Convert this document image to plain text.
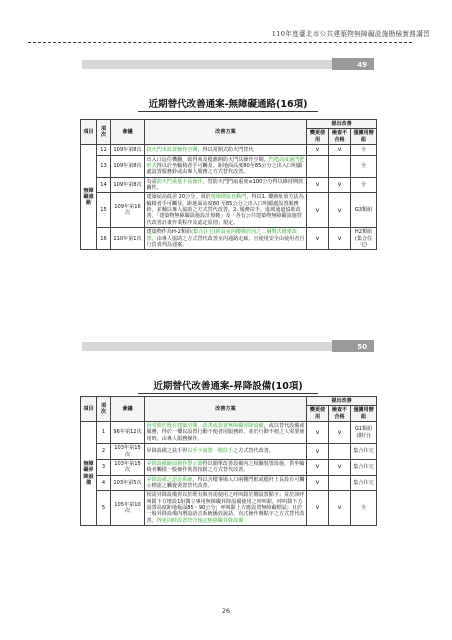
110年度臺北市公共建築物無障礙設施勘檢實務講習
49
近期替代改善通案-無障礙通路(16項)
項目	項次	會議	改善方案	提出改善		
				變更使用	檢查不合格	僅擴用辦組
無障礙通路	12	109年第8次	防火門未設置操作空間，得以常開式防火門替代	v	v	全
	13	109年第8次	出入口這住機翻，致得來及檯應開防火門其操作空間，門把高度過門把形式得以於坐輪椅者手可觸及、距地面高度80至85公分之出入口明顯處設置服務鈴或由專人服務之方式替代改善。			全
	14	109年第8次	有需防火門重量不易操作，替防火門門扇重度≤100公分得以維持開放關性。	v	v	全
	15	109年第16次	建築屋高低差 20公分，須於現場增設自動門，得以1. 樓層址放方法為輪椅者手可觸及，距地面高度80 至85公分之出入口明顯處設置服務鈴，並輔以專人協助之方式替代改善。2. 服務扶手、進坡通道協助改善，「建築物無障礙設施設計規範」及「各有公共建築物無障礙設施替代改善計畫作業程序及認定原則」規定。	v	v	G3類組
	16	110年第1次	建築物作為H-2類組(集合住宅)新設室內樓梯於內之二層對式增建改置，由專人協助之方式替代改善室內通路走廊，且使用安全由使用者自行負責判為通案。	v	v	H2類組(集合住宅)
50
近期替代改善通案-昇降設備(10項)
項目	項次	會議	改善方案	提出改善		
				變更使用	檢查不合格	僅擴用辦組
無障礙昇降設備	1	96年第12次	因受限於既有建築空間，改善或設置無障礙昇降設備，或以替代設備或服務，得於一樓以設置行動不便者用服務鈴、並於行動不便之人需要使用時，由專人服務操作。	v	v	G1類組(銀行)
	2	103年第15次	昇降設備之扶手得以至少設置一側扶手之方式替代改善。	v		集合住宅
	3	103年第15次	昇降設備鏡面修作警示器得以簡單改善設備內之相關裝置設施，供坐輪椅者觸摸一般操作裝置按鈕之方式替代改善。	v	v	集合住宅
	4	103年第5次	昇降設備之語音系統，得以含檯事場入口兩側門框或檯杆上長設有可觸示標語之觸覺裝置替代改善。	v		集合住宅
	5	105年第10次	相需昇降設備得以於既有與容需使用之呼叫鈕於側設置點字；並於該呼叫鈕下方增設1組獨立專用無障礙昇降設備使用之呼叫鈕，呼叫鈕下方設置高度距地板面85～90公分；呼叫鈕上方應設置無障礙標誌；且於一般昇降設備內增設語音系統播放說話，直式操作盤點字之方式替代改善。得免同時設置符合規定無障礙昇降設備	v	v	全
26
